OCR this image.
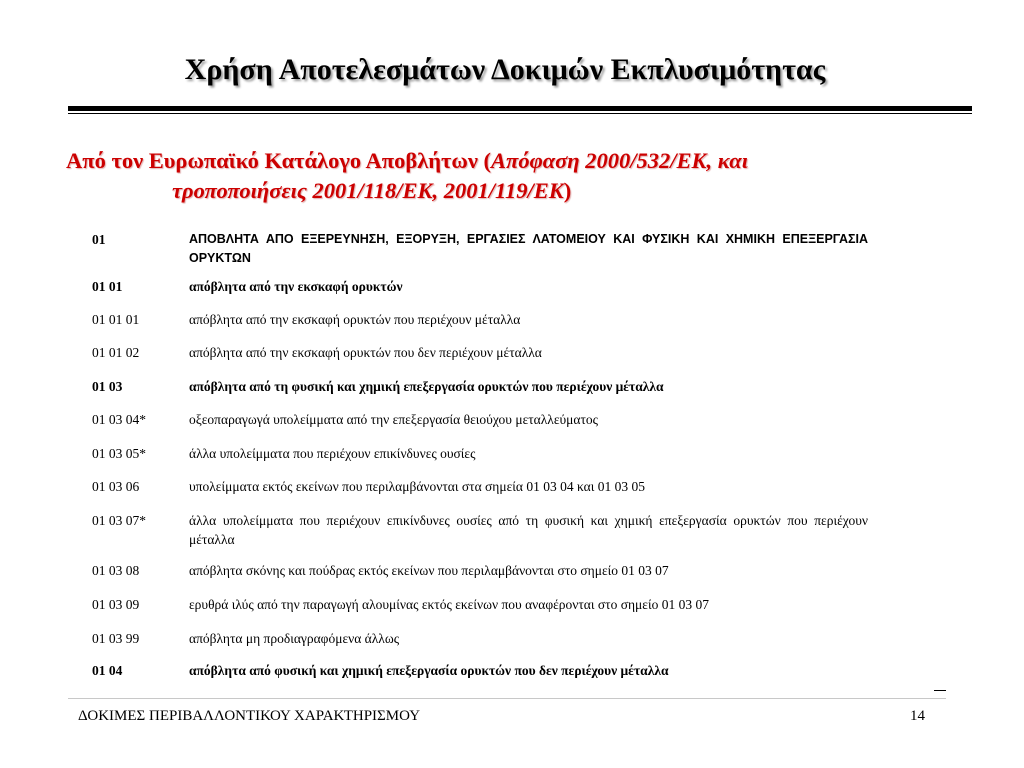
Χρήση Αποτελεσμάτων Δοκιμών Εκπλυσιμότητας
Από τον Ευρωπαϊκό Κατάλογο Αποβλήτων (Απόφαση 2000/532/ΕΚ, και
τροποποιήσεις 2001/118/ΕΚ, 2001/119/ΕΚ)
01	ΑΠΟΒΛΗΤΑ ΑΠΟ ΕΞΕΡΕΥΝΗΣΗ, ΕΞΟΡΥΞΗ, ΕΡΓΑΣΙΕΣ ΛΑΤΟΜΕΙΟΥ ΚΑΙ ΦΥΣΙΚΗ ΚΑΙ ΧΗΜΙΚΗ ΕΠΕΞΕΡΓΑΣΙΑ ΟΡΥΚΤΩΝ
01 01	απόβλητα από την εκσκαφή ορυκτών
01 01 01	απόβλητα από την εκσκαφή ορυκτών που περιέχουν μέταλλα
01 01 02	απόβλητα από την εκσκαφή ορυκτών που δεν περιέχουν μέταλλα
01 03	απόβλητα από τη φυσική και χημική επεξεργασία ορυκτών που περιέχουν μέταλλα
01 03 04*	οξεοπαραγωγά υπολείμματα από την επεξεργασία θειούχου μεταλλεύματος
01 03 05*	άλλα υπολείμματα που περιέχουν επικίνδυνες ουσίες
01 03 06	υπολείμματα εκτός εκείνων που περιλαμβάνονται στα σημεία 01 03 04 και 01 03 05
01 03 07*	άλλα υπολείμματα που περιέχουν επικίνδυνες ουσίες από τη φυσική και χημική επεξεργασία ορυκτών που περιέχουν μέταλλα
01 03 08	απόβλητα σκόνης και πούδρας εκτός εκείνων που περιλαμβάνονται στο σημείο 01 03 07
01 03 09	ερυθρά ιλύς από την παραγωγή αλουμίνας εκτός εκείνων που αναφέρονται στο σημείο 01 03 07
01 03 99	απόβλητα μη προδιαγραφόμενα άλλως
01 04	απόβλητα από φυσική και χημική επεξεργασία ορυκτών που δεν περιέχουν μέταλλα
ΔΟΚΙΜΕΣ ΠΕΡΙΒΑΛΛΟΝΤΙΚΟΥ ΧΑΡΑΚΤΗΡΙΣΜΟΥ	14
